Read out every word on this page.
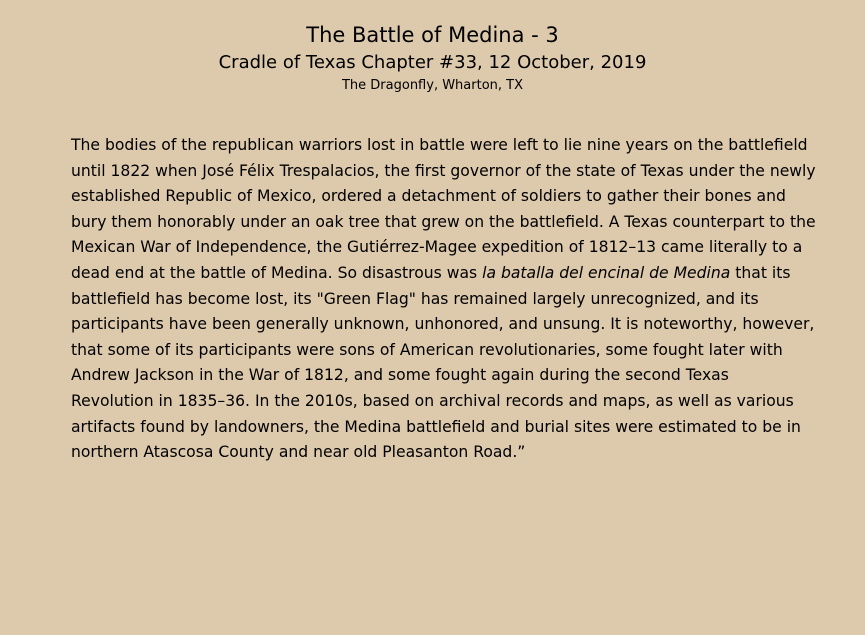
The Battle of Medina - 3

Cradle of Texas Chapter #33, 12 October, 2019

The Dragonfly, Wharton, TX

The bodies of the republican warriors lost in battle were left to lie nine years on the battlefield until 1822 when José Félix Trespalacios, the first governor of the state of Texas under the newly established Republic of Mexico, ordered a detachment of soldiers to gather their bones and bury them honorably under an oak tree that grew on the battlefield. A Texas counterpart to the Mexican War of Independence, the Gutiérrez-Magee expedition of 1812–13 came literally to a dead end at the battle of Medina. So disastrous was la batalla del encinal de Medina that its battlefield has become lost, its "Green Flag" has remained largely unrecognized, and its participants have been generally unknown, unhonored, and unsung. It is noteworthy, however, that some of its participants were sons of American revolutionaries, some fought later with Andrew Jackson in the War of 1812, and some fought again during the second Texas Revolution in 1835–36. In the 2010s, based on archival records and maps, as well as various artifacts found by landowners, the Medina battlefield and burial sites were estimated to be in northern Atascosa County and near old Pleasanton Road.”
